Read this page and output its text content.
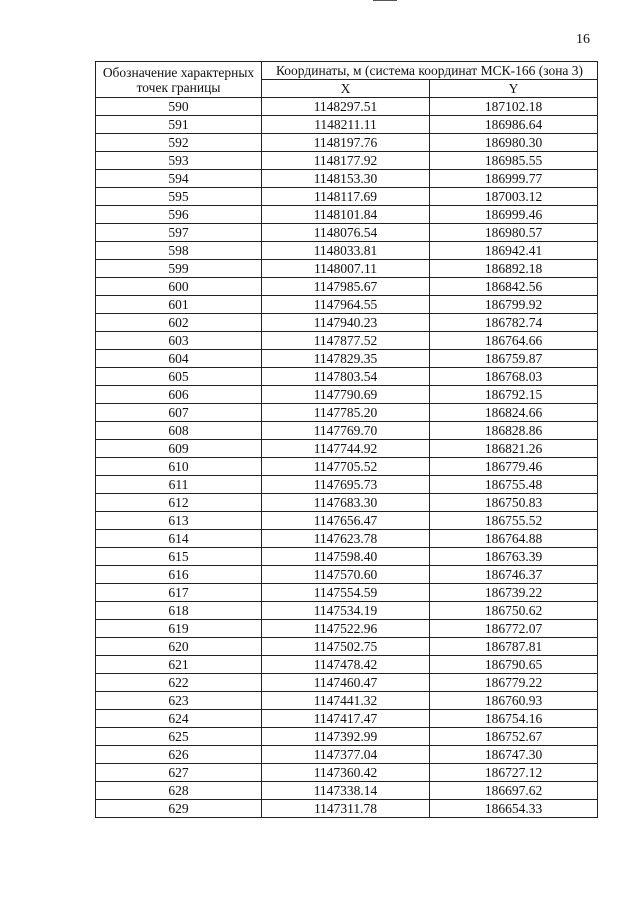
16
Обозначение характерных точек границы	Координаты, м (система координат МСК-166 (зона 3)	
	X	Y
590	1148297.51	187102.18
591	1148211.11	186986.64
592	1148197.76	186980.30
593	1148177.92	186985.55
594	1148153.30	186999.77
595	1148117.69	187003.12
596	1148101.84	186999.46
597	1148076.54	186980.57
598	1148033.81	186942.41
599	1148007.11	186892.18
600	1147985.67	186842.56
601	1147964.55	186799.92
602	1147940.23	186782.74
603	1147877.52	186764.66
604	1147829.35	186759.87
605	1147803.54	186768.03
606	1147790.69	186792.15
607	1147785.20	186824.66
608	1147769.70	186828.86
609	1147744.92	186821.26
610	1147705.52	186779.46
611	1147695.73	186755.48
612	1147683.30	186750.83
613	1147656.47	186755.52
614	1147623.78	186764.88
615	1147598.40	186763.39
616	1147570.60	186746.37
617	1147554.59	186739.22
618	1147534.19	186750.62
619	1147522.96	186772.07
620	1147502.75	186787.81
621	1147478.42	186790.65
622	1147460.47	186779.22
623	1147441.32	186760.93
624	1147417.47	186754.16
625	1147392.99	186752.67
626	1147377.04	186747.30
627	1147360.42	186727.12
628	1147338.14	186697.62
629	1147311.78	186654.33
